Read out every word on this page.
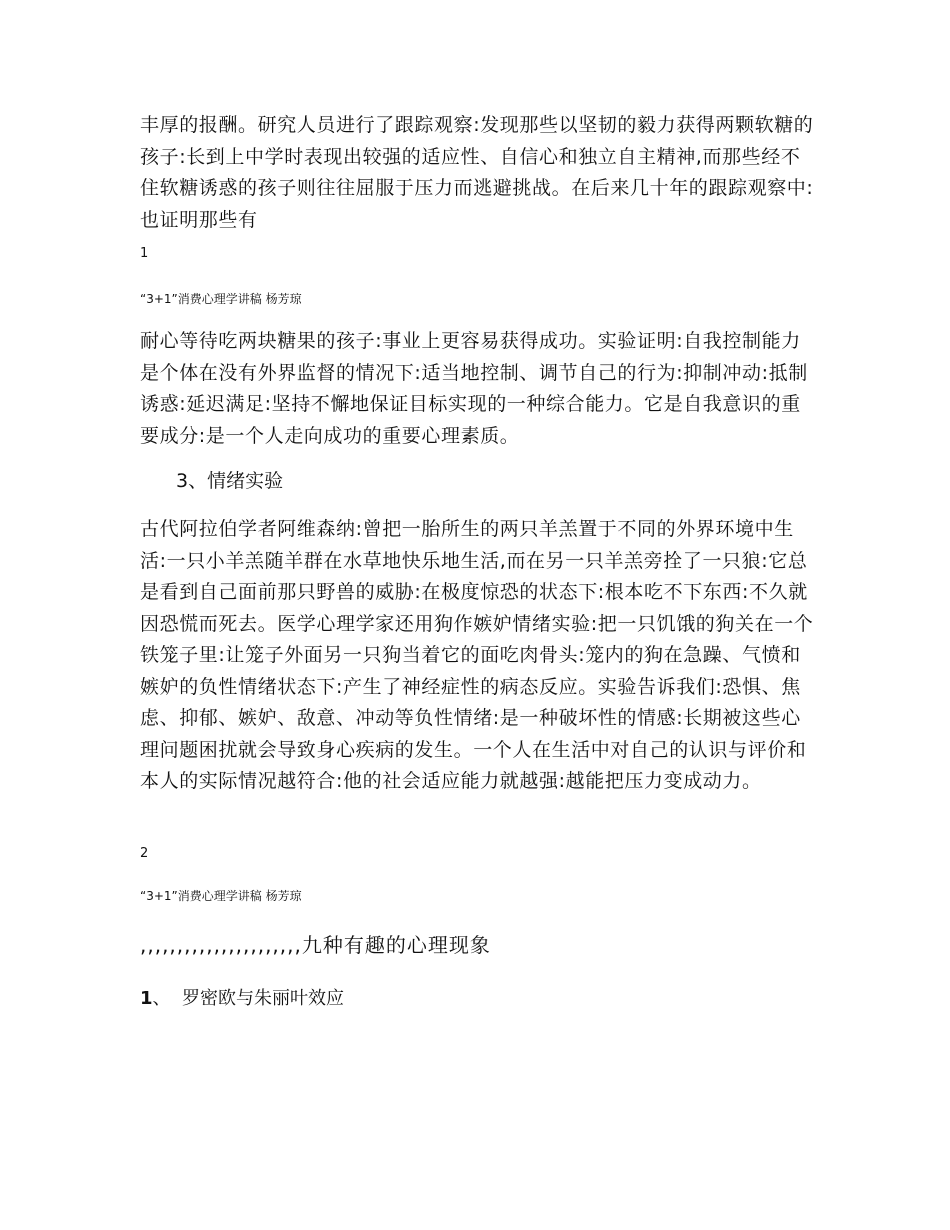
丰厚的报酬。研究人员进行了跟踪观察:发现那些以坚韧的毅力获得两颗软糖的孩子:长到上中学时表现出较强的适应性、自信心和独立自主精神,而那些经不住软糖诱惑的孩子则往往屈服于压力而逃避挑战。在后来几十年的跟踪观察中:也证明那些有

1

“3+1”消费心理学讲稿 杨芳琼

耐心等待吃两块糖果的孩子:事业上更容易获得成功。实验证明:自我控制能力是个体在没有外界监督的情况下:适当地控制、调节自己的行为:抑制冲动:抵制诱惑:延迟满足:坚持不懈地保证目标实现的一种综合能力。它是自我意识的重要成分:是一个人走向成功的重要心理素质。

3、情绪实验

古代阿拉伯学者阿维森纳:曾把一胎所生的两只羊羔置于不同的外界环境中生活:一只小羊羔随羊群在水草地快乐地生活,而在另一只羊羔旁拴了一只狼:它总是看到自己面前那只野兽的威胁:在极度惊恐的状态下:根本吃不下东西:不久就因恐慌而死去。医学心理学家还用狗作嫉妒情绪实验:把一只饥饿的狗关在一个铁笼子里:让笼子外面另一只狗当着它的面吃肉骨头:笼内的狗在急躁、气愤和嫉妒的负性情绪状态下:产生了神经症性的病态反应。实验告诉我们:恐惧、焦虑、抑郁、嫉妒、敌意、冲动等负性情绪:是一种破坏性的情感:长期被这些心理问题困扰就会导致身心疾病的发生。一个人在生活中对自己的认识与评价和本人的实际情况越符合:他的社会适应能力就越强:越能把压力变成动力。

2

“3+1”消费心理学讲稿 杨芳琼

,,,,,,,,,,,,,,,,,,,,,,九种有趣的心理现象

1、 罗密欧与朱丽叶效应
